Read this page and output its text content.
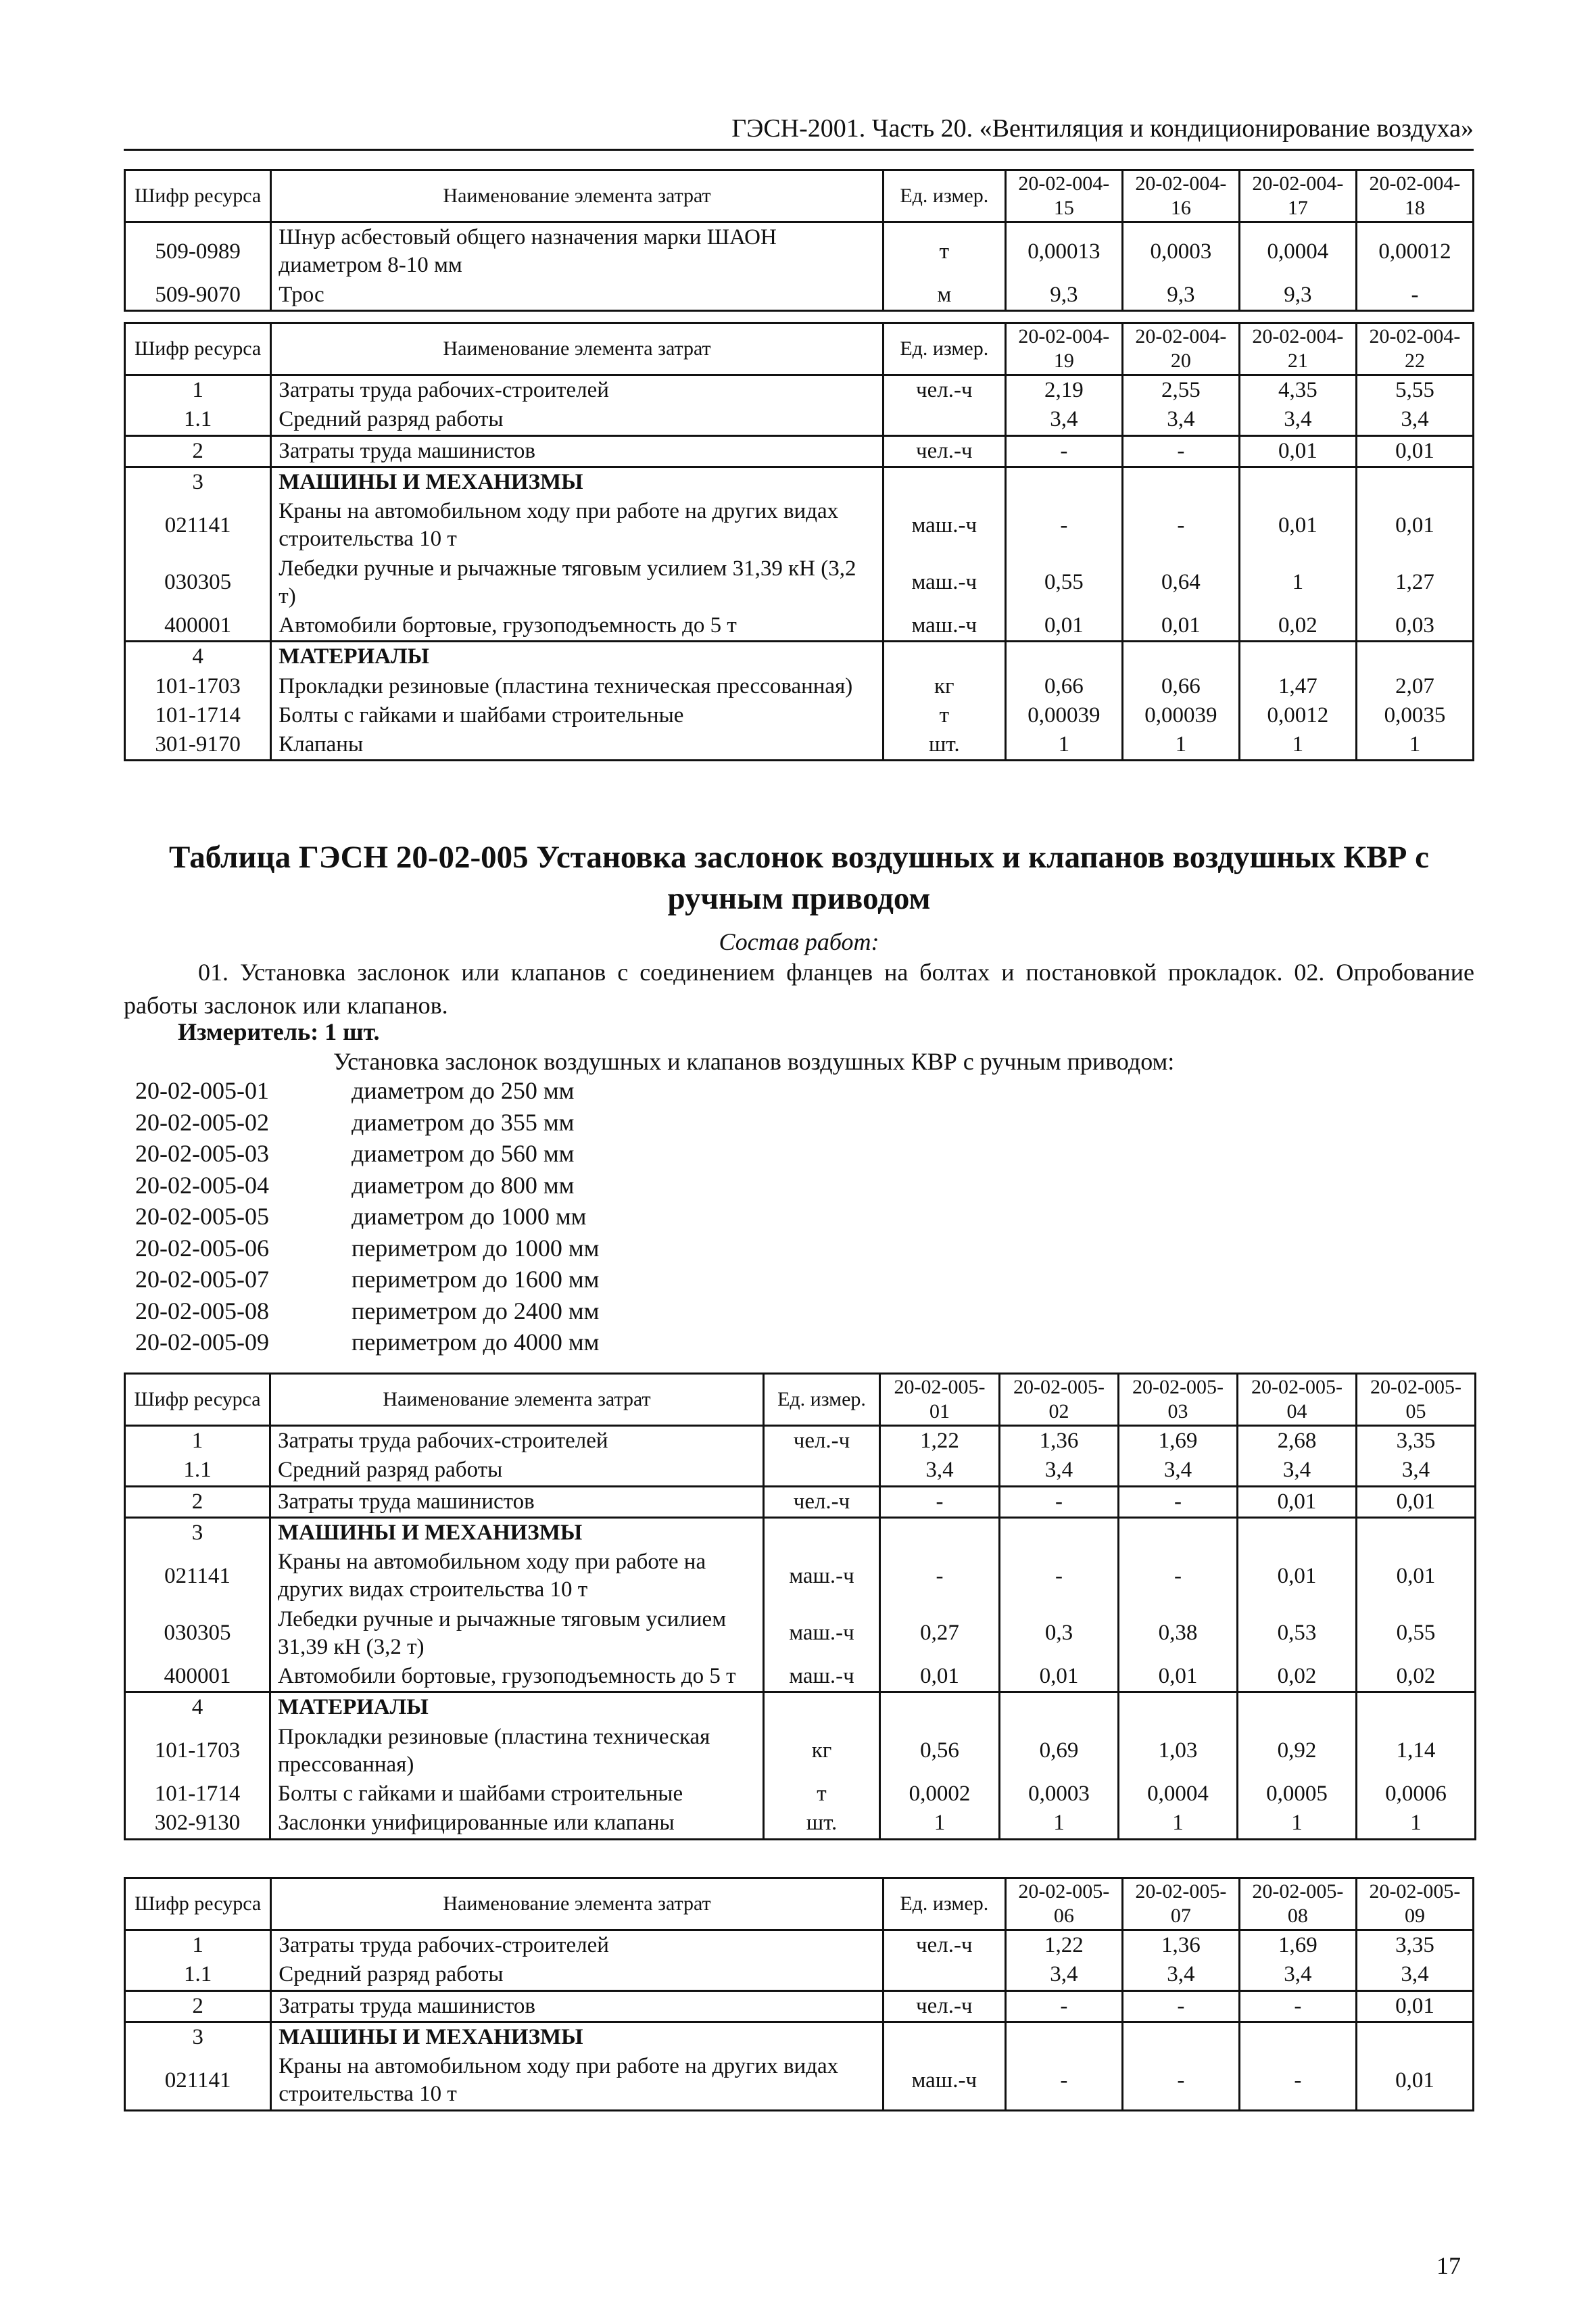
ГЭСН-2001. Часть 20. «Вентиляция и кондиционирование воздуха»
Шифр ресурса	Наименование элемента затрат	Ед. измер.	20-02-004-15	20-02-004-16	20-02-004-17	20-02-004-18
509-0989	Шнур асбестовый общего назначения марки ШАОН диаметром 8-10 мм	т	0,00013	0,0003	0,0004	0,00012
509-9070	Трос	м	9,3	9,3	9,3	-
Шифр ресурса	Наименование элемента затрат	Ед. измер.	20-02-004-19	20-02-004-20	20-02-004-21	20-02-004-22
1	Затраты труда рабочих-строителей	чел.-ч	2,19	2,55	4,35	5,55
1.1	Средний разряд работы		3,4	3,4	3,4	3,4
2	Затраты труда машинистов	чел.-ч	-	-	0,01	0,01
3	МАШИНЫ И МЕХАНИЗМЫ					
021141	Краны на автомобильном ходу при работе на других видах строительства 10 т	маш.-ч	-	-	0,01	0,01
030305	Лебедки ручные и рычажные тяговым усилием 31,39 кН (3,2 т)	маш.-ч	0,55	0,64	1	1,27
400001	Автомобили бортовые, грузоподъемность до 5 т	маш.-ч	0,01	0,01	0,02	0,03
4	МАТЕРИАЛЫ					
101-1703	Прокладки резиновые (пластина техническая прессованная)	кг	0,66	0,66	1,47	2,07
101-1714	Болты с гайками и шайбами строительные	т	0,00039	0,00039	0,0012	0,0035
301-9170	Клапаны	шт.	1	1	1	1
Таблица ГЭСН 20-02-005 Установка заслонок воздушных и клапанов воздушных КВР с ручным приводом
Состав работ:
01. Установка заслонок или клапанов с соединением фланцев на болтах и постановкой прокладок. 02. Опробование работы заслонок или клапанов.
Измеритель: 1 шт.
Установка заслонок воздушных и клапанов воздушных КВР с ручным приводом:
20-02-005-01	диаметром до 250 мм
20-02-005-02	диаметром до 355 мм
20-02-005-03	диаметром до 560 мм
20-02-005-04	диаметром до 800 мм
20-02-005-05	диаметром до 1000 мм
20-02-005-06	периметром до 1000 мм
20-02-005-07	периметром до 1600 мм
20-02-005-08	периметром до 2400 мм
20-02-005-09	периметром до 4000 мм
Шифр ресурса	Наименование элемента затрат	Ед. измер.	20-02-005-01	20-02-005-02	20-02-005-03	20-02-005-04	20-02-005-05
1	Затраты труда рабочих-строителей	чел.-ч	1,22	1,36	1,69	2,68	3,35
1.1	Средний разряд работы		3,4	3,4	3,4	3,4	3,4
2	Затраты труда машинистов	чел.-ч	-	-	-	0,01	0,01
3	МАШИНЫ И МЕХАНИЗМЫ						
021141	Краны на автомобильном ходу при работе на других видах строительства 10 т	маш.-ч	-	-	-	0,01	0,01
030305	Лебедки ручные и рычажные тяговым усилием 31,39 кН (3,2 т)	маш.-ч	0,27	0,3	0,38	0,53	0,55
400001	Автомобили бортовые, грузоподъемность до 5 т	маш.-ч	0,01	0,01	0,01	0,02	0,02
4	МАТЕРИАЛЫ						
101-1703	Прокладки резиновые (пластина техническая прессованная)	кг	0,56	0,69	1,03	0,92	1,14
101-1714	Болты с гайками и шайбами строительные	т	0,0002	0,0003	0,0004	0,0005	0,0006
302-9130	Заслонки унифицированные или клапаны	шт.	1	1	1	1	1
Шифр ресурса	Наименование элемента затрат	Ед. измер.	20-02-005-06	20-02-005-07	20-02-005-08	20-02-005-09
1	Затраты труда рабочих-строителей	чел.-ч	1,22	1,36	1,69	3,35
1.1	Средний разряд работы		3,4	3,4	3,4	3,4
2	Затраты труда машинистов	чел.-ч	-	-	-	0,01
3	МАШИНЫ И МЕХАНИЗМЫ					
021141	Краны на автомобильном ходу при работе на других видах строительства 10 т	маш.-ч	-	-	-	0,01
17
